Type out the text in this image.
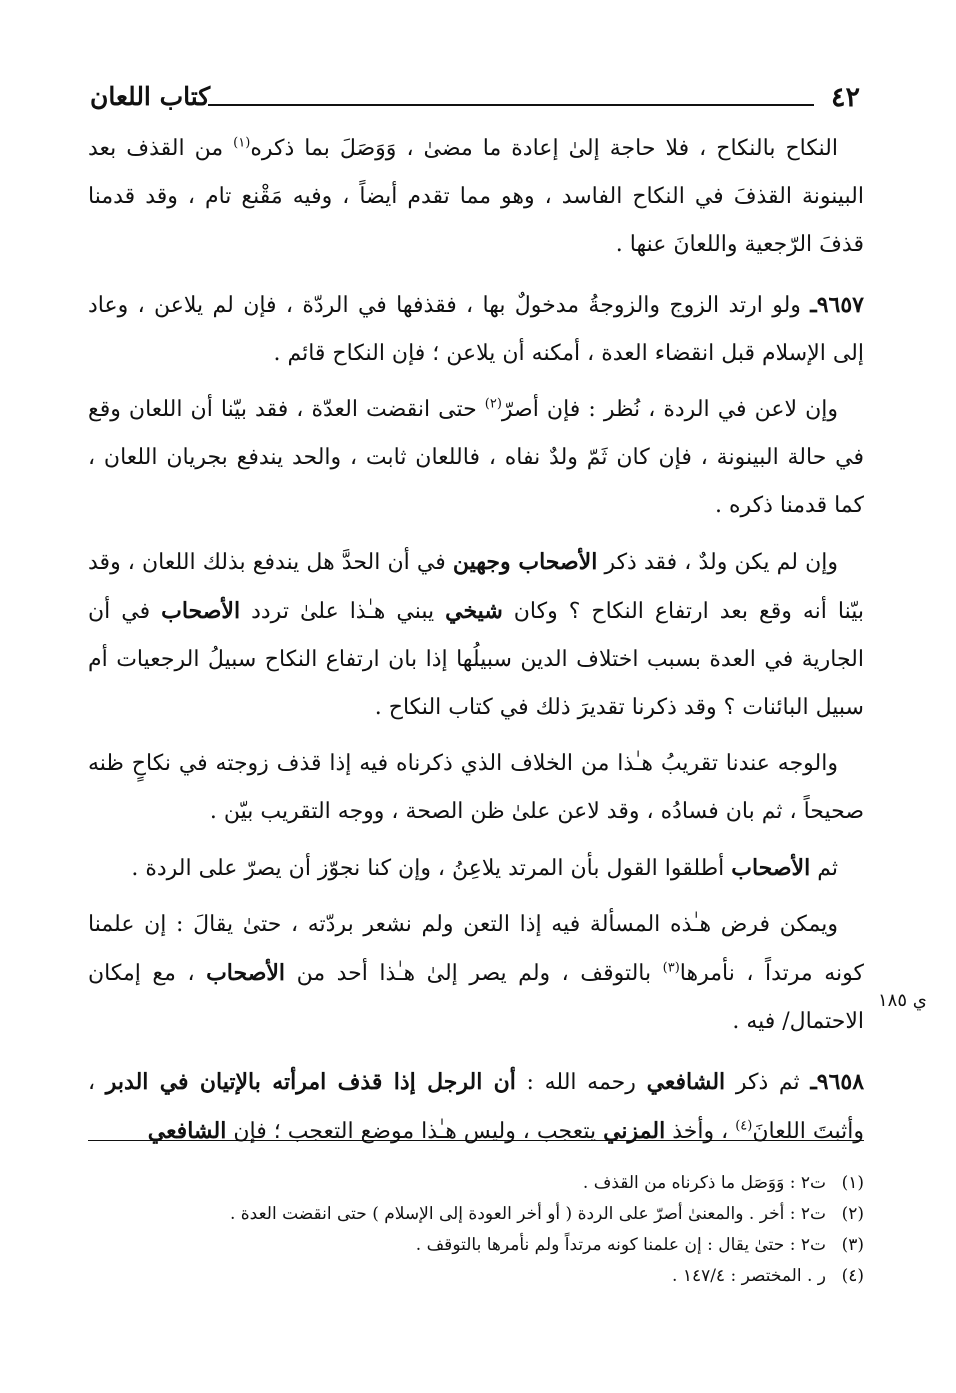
٤٢
كتاب اللعان

النكاح بالنكاح ، فلا حاجة إلىٰ إعادة ما مضىٰ ، وَوَصَلَ بما ذكره$^{(١)}$ من القذف بعد البينونة القذفَ في النكاح الفاسد ، وهو مما تقدم أيضاً ، وفيه مَقْنع تام ، وقد قدمنا قذفَ الرّجعية واللعانَ عنها .

٩٦٥٧ـ ولو ارتد الزوج والزوجةُ مدخولٌ بها ، فقذفها في الردّة ، فإن لم يلاعن ، وعاد إلى الإسلام قبل انقضاء العدة ، أمكنه أن يلاعن ؛ فإن النكاح قائم .

وإن لاعن في الردة ، نُظر : فإن أصرّ$^{(٢)}$ حتى انقضت العدّة ، فقد بيّنا أن اللعان وقع في حالة البينونة ، فإن كان ثَمّ ولدٌ نفاه ، فاللعان ثابت ، والحد يندفع بجريان اللعان ، كما قدمنا ذكره .

وإن لم يكن ولدٌ ، فقد ذكر الأصحاب وجهين في أن الحدَّ هل يندفع بذلك اللعان ، وقد بيّنا أنه وقع بعد ارتفاع النكاح ؟ وكان شيخي يبني هـٰذا علىٰ تردد الأصحاب في أن الجارية في العدة بسبب اختلاف الدين سبيلُها إذا بان ارتفاع النكاح سبيلُ الرجعيات أم سبيل البائنات ؟ وقد ذكرنا تقديرَ ذلك في كتاب النكاح .

والوجه عندنا تقريبُ هـٰذا من الخلاف الذي ذكرناه فيه إذا قذف زوجته في نكاحٍ ظنه صحيحاً ، ثم بان فسادُه ، وقد لاعن علىٰ ظن الصحة ، ووجه التقريب بيّن .

ثم الأصحاب أطلقوا القول بأن المرتد يلاعِنُ ، وإن كنا نجوّز أن يصرّ على الردة .

ويمكن فرض هـٰذه المسألة فيه إذا التعن ولم نشعر بردّته ، حتىٰ يقالَ : إن علمنا كونه مرتداً ، نأمرها$^{(٣)}$ بالتوقف ، ولم يصر إلىٰ هـٰذا أحد من الأصحاب ، مع إمكان الاحتمال/ فيه .

٩٦٥٨ـ ثم ذكر الشافعي رحمه الله : أن الرجل إذا قذف امرأته بالإتيان في الدبر ، وأثبتَ اللعانَ$^{(٤)}$ ، وأخذ المزني يتعجب ، وليس هـٰذا موضع التعجب ؛ فإن الشافعي

ي ١٨٥
(١)ت٢ : وَوَصَل ما ذكرناه من القذف .
(٢)ت٢ : أخر . والمعنىٰ أصرّ على الردة ( أو أخر العودة إلى الإسلام ) حتى انقضت العدة .
(٣)ت٢ : حتىٰ يقال : إن علمنا كونه مرتداً ولم نأمرها بالتوقف .
(٤)ر . المختصر : ١٤٧/٤ .
